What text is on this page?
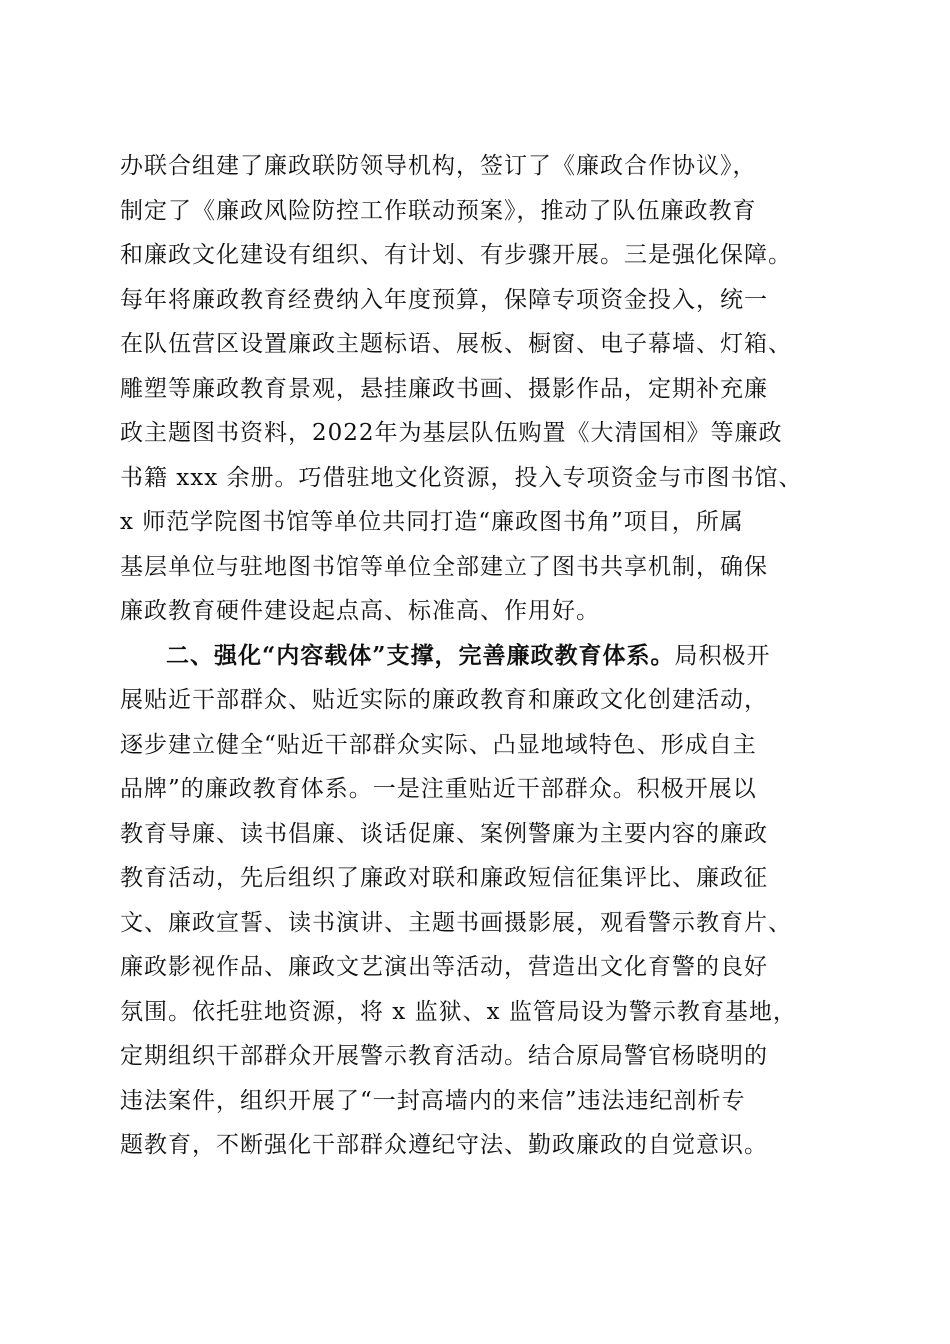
办联合组建了廉政联防领导机构，签订了《廉政合作协议》，
制定了《廉政风险防控工作联动预案》，推动了队伍廉政教育
和廉政文化建设有组织、有计划、有步骤开展。三是强化保障。
每年将廉政教育经费纳入年度预算，保障专项资金投入，统一
在队伍营区设置廉政主题标语、展板、橱窗、电子幕墙、灯箱、
雕塑等廉政教育景观，悬挂廉政书画、摄影作品，定期补充廉
政主题图书资料，2022年为基层队伍购置《大清国相》等廉政
书籍 xxx 余册。巧借驻地文化资源，投入专项资金与市图书馆、
x 师范学院图书馆等单位共同打造“廉政图书角”项目，所属
基层单位与驻地图书馆等单位全部建立了图书共享机制，确保
廉政教育硬件建设起点高、标准高、作用好。
二、强化“内容载体”支撑，完善廉政教育体系。局积极开
展贴近干部群众、贴近实际的廉政教育和廉政文化创建活动，
逐步建立健全“贴近干部群众实际、凸显地域特色、形成自主
品牌”的廉政教育体系。一是注重贴近干部群众。积极开展以
教育导廉、读书倡廉、谈话促廉、案例警廉为主要内容的廉政
教育活动，先后组织了廉政对联和廉政短信征集评比、廉政征
文、廉政宣誓、读书演讲、主题书画摄影展，观看警示教育片、
廉政影视作品、廉政文艺演出等活动，营造出文化育警的良好
氛围。依托驻地资源，将 x 监狱、x 监管局设为警示教育基地，
定期组织干部群众开展警示教育活动。结合原局警官杨晓明的
违法案件，组织开展了“一封高墙内的来信”违法违纪剖析专
题教育，不断强化干部群众遵纪守法、勤政廉政的自觉意识。
